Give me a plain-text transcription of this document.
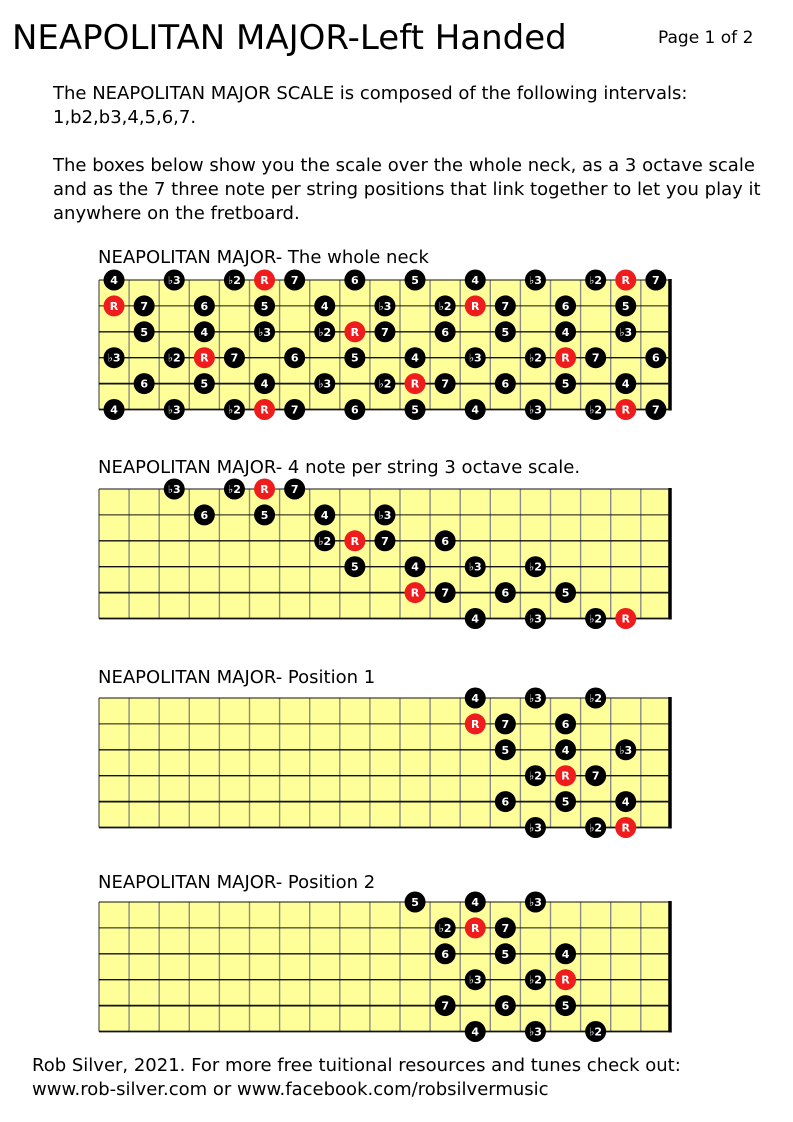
NEAPOLITAN MAJOR-Left Handed	Page 1 of 2

The NEAPOLITAN MAJOR SCALE is composed of the following intervals: 1,b2,b3,4,5,6,7.

The boxes below show you the scale over the whole neck, as a 3 octave scale and as the 7 three note per string positions that link together to let you play it anywhere on the fretboard.

NEAPOLITAN MAJOR- The whole neck
4	♭3	♭2 R 7	6	5	4	♭3	♭2 R 7
R 7	6	5	4	♭3	♭2 R 7	6	5
5	4	♭3	♭2 R 7	6	5	4	♭3
♭3	♭2 R 7	6	5	4	♭3	♭2 R 7	6
6	5	4	♭3	♭2 R 7	6	5	4
4	♭3	♭2 R 7	6	5	4	♭3	♭2 R 7
NEAPOLITAN MAJOR- 4 note per string 3 octave scale.
♭3	♭2 R 7
6	5	4	♭3
♭2 R 7	6
5	4	♭3	♭2
R 7	6	5
4	♭3	♭2 R
NEAPOLITAN MAJOR- Position 1
4	♭3	♭2
R 7	6
5	4	♭3
♭2 R 7
6	5	4
♭3	♭2 R
NEAPOLITAN MAJOR- Position 2
5	4	♭3
♭2 R 7
6	5	4
♭3	♭2 R
7	6	5
4	♭3	♭2

Rob Silver, 2021. For more free tuitional resources and tunes check out:
www.rob-silver.com or www.facebook.com/robsilvermusic
